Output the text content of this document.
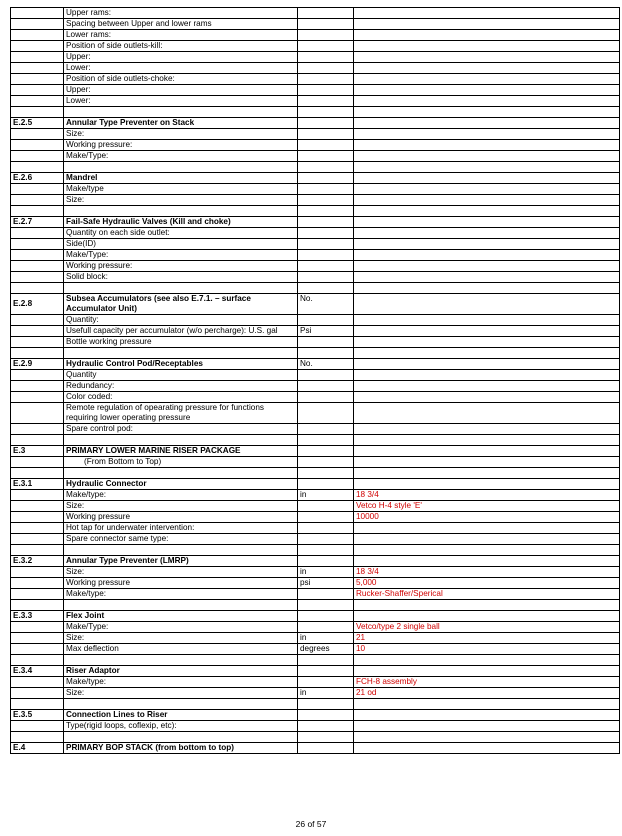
	Upper rams:		
	Spacing between Upper and lower rams		
	Lower rams:		
	Position of side outlets-kill:		
	Upper:		
	Lower:		
	Position of side outlets-choke:		
	Upper:		
	Lower:		

E.2.5	Annular Type Preventer on Stack		
	Size:		
	Working pressure:		
	Make/Type:		

E.2.6	Mandrel		
	Make/type		
	Size:		

E.2.7	Fail-Safe Hydraulic Valves (Kill and choke)		
	Quantity on each side outlet:		
	Side(ID)		
	Make/Type:		
	Working pressure:		
	Solid block:		

E.2.8	Subsea Accumulators (see also E.7.1. – surface Accumulator Unit)	No.	
	Quantity:		
	Usefull capacity per accumulator (w/o percharge): U.S. gal	Psi	
	Bottle working pressure		

E.2.9	Hydraulic Control Pod/Receptables	No.	
	Quantity		
	Redundancy:		
	Color coded:		
	Remote regulation of opearating pressure for functions requiring lower operating pressure		
	Spare control pod:		

E.3	PRIMARY LOWER MARINE RISER PACKAGE		
	(From Bottom to Top)		

E.3.1	Hydraulic Connector		
	Make/type:	in	18 3/4
	Size:		Vetco H-4 style 'E'
	Working pressure		10000
	Hot tap for underwater intervention:		
	Spare connector same type:		

E.3.2	Annular Type Preventer (LMRP)		
	Size:	in	18 3/4
	Working pressure	psi	5,000
	Make/type:		Rucker-Shaffer/Sperical

E.3.3	Flex Joint		
	Make/Type:		Vetco/type 2 single ball
	Size:	in	21
	Max deflection	degrees	10

E.3.4	Riser Adaptor		
	Make/type:		FCH-8 assembly
	Size:	in	21 od

E.3.5	Connection Lines to Riser		
	Type(rigid loops, coflexip, etc):		

E.4	PRIMARY BOP STACK (from bottom to top)		
26 of 57
